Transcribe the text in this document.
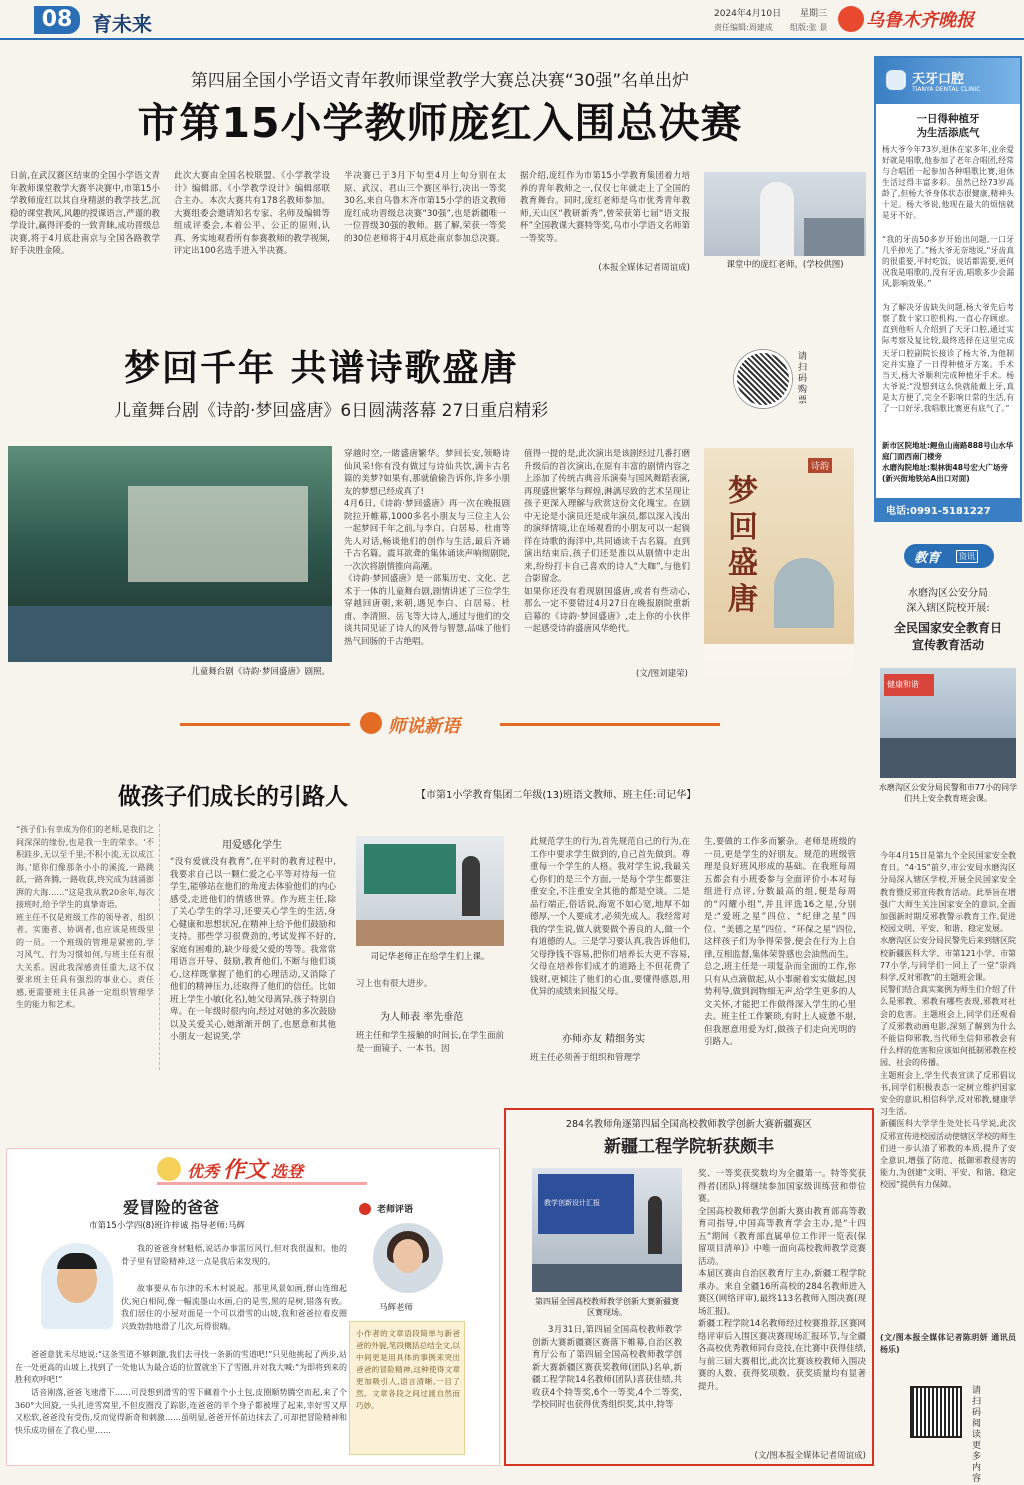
08 育未来	2024年4月10日 星期三
责任编辑:周建成 组版:张 景 乌鲁木齐晚报
第四届全国小学语文青年教师课堂教学大赛总决赛“30强”名单出炉
市第15小学教师庞红入围总决赛
日前,在武汉赛区结束的全国小学语文青年教师课堂教学大赛半决赛中,市第15小学教师庞红以其自身精湛的教学技艺,沉稳的课堂教风,风趣的授课语言,严谨的教学设计,赢得评委的一致青睐,成功晋级总决赛,将于4月底赴南京与全国各路教学好手决胜金陵。
此次大赛由全国名校联盟、《小学教学设计》编辑部、《小学教学设计》编辑部联合主办。本次大赛共有178名教师参加。大赛组委会邀请知名专家、名师及编辑等组成评委会,本着公平、公正的原则,认真、务实地观看所有参赛教师的教学视频,评定出100名选手进入半决赛。
半决赛已于3月下旬至4月上旬分别在太原、武汉、君山三个赛区举行,决出一等奖30名,来自乌鲁木齐市第15小学的语文教师庞红成功晋级总决赛“30强”,也是新疆唯一一位晋级30强的教师。据了解,荣获一等奖的30位老师将于4月底赴南京参加总决赛。
据介绍,庞红作为市第15小学教育集团着力培养的青年教师之一,仅仅七年就走上了全国的教育舞台。同时,庞红老师是乌市优秀青年教师,天山区“教研新秀”,曾荣获第七届“语文报杯”全国教课大赛特等奖,乌市小学语文名师第一等奖等。
(本报全媒体记者周谊成)	课堂中的庞红老师。(学校供图)
天牙口腔
TIANYA DENTAL CLINIC
一日得种植牙
为生活添底气
杨大爷今年73岁,退休在家多年,业余爱好就是唱歌,他参加了老年合唱团,经常与合唱团一起参加各种唱歌比赛,退休生活过得丰富多彩。虽然已经73岁高龄了,但杨大爷身体状态很健康,精神头十足。杨大爷说,他现在最大的烦恼就是牙不好。
“我的牙齿50多岁开始出问题,一口牙几乎掉光了。”杨大爷无奈地说,“牙齿真的很重要,平时吃饭、说话都需要,更何况我是唱歌的,没有牙齿,唱歌多少会漏风,影响效果。”
为了解决牙齿缺失问题,杨大爷先后考察了数十家口腔机构,一直心存顾虑。直到他听人介绍到了天牙口腔,通过实际考察及复比较,最终选择在这里完成
天牙口腔副院长接诊了杨大爷,为他制定并实施了一日得种植牙方案。手术当天,杨大爷顺利完成种植牙手术。杨大爷说:“没想到这么快就能戴上牙,真是太方便了,完全不影响日常的生活,有了一口好牙,我唱歌比赛更有底气了。”
新市区院地址:鲤鱼山南路888号山水华庭门面西南门楼旁
水磨沟院地址:梨林街48号宏大广场旁(新兴街地铁站A出口对面)
电话:0991-5181227
梦回千年 共谱诗歌盛唐
儿童舞台剧《诗韵·梦回盛唐》6日圆满落幕 27日重启精彩
请扫码购票
儿童舞台剧《诗韵·梦回盛唐》剧照。
穿越时空,一睹盛唐繁华。梦回长安,领略诗仙风采!你有没有做过与诗仙共饮,满卡古名篇的美梦?如果有,那就偷偷告诉你,许多小朋友的梦想已经成真了!
4月6日,《诗韵·梦回盛唐》再一次在晚报剧院拉开帷幕,1000多名小朋友与三位主人公一起梦回千年之前,与李白、白居易、杜甫等先人对话,畅谈他们的创作与生活,最后齐诵千古名篇。震耳欲聋的集体诵读声响彻剧院,一次次将剧情推向高潮。
《诗韵·梦回盛唐》是一部集历史、文化、艺术于一体的儿童舞台剧,剧情讲述了三位学生穿越回唐朝,来朝,遇见李白、白居易、杜甫、李清照、岳飞等大诗人,通过与他们的交谈共同见证了诗人的风骨与智慧,品味了他们热气回肠的千古绝唱。
值得一提的是,此次演出是该剧经过几番打磨升级后的首次演出,在原有丰富的剧情内容之上添加了传统古典音乐演奏与国风舞蹈表演,再现盛世繁华与辉煌,淋漓尽致的艺术呈现让孩子更深入理解与欣赏这份文化瑰宝。在剧中无论是小演员还是成年演员,都以深入浅出的演绎情境,让在场观看的小朋友可以一起徜徉在诗歌的海洋中,共同诵读千古名篇。直到演出结束后,孩子们还是准以从剧情中走出来,纷纷打卡自己喜欢的诗人“大咖”,与他们合影留念。
如果你还没有看现剧国盛唐,或者有些动心,那么一定不要错过4月27日在晚报剧院重新启幕的《诗韵·梦回盛唐》,走上你的小伙伴一起感受诗韵盛唐风华绝代。
(文/图刘建荣)
诗韵
梦回盛唐
师说新语
做孩子们成长的引路人	【市第1小学教育集团二年级(13)班语文教师、班主任:司记华】
“孩子们:有幸成为你们的老师,是我们之间深深的缘份,也是我一生的荣幸。‘不积跬步,无以至千里;不积小流,无以成江海。’愿你们像那条小小的溪流,一路跳跃,一路奔腾,一路收获,终究成为汹涌澎湃的大海……”这是我从教20余年,每次接班时,给予学生的真挚寄语。
班主任不仅是班级工作的领导者、组织者、实施者、协调者,也应该是班级里的一员。一个班级的管理是紧密的,学习风气、行为习惯如何,与班主任有很大关系。因此我深感责任重大,这不仅要求班主任具有强烈的事业心、责任感,更需要班主任具备一定组织管理学生的能力和艺术。
用爱感化学生
“没有爱就没有教育”,在平时的教育过程中,我要求自己以一颗仁爱之心平等对待每一位学生,能够站在他们的角度去体验他们的内心感受,走进他们的情感世界。作为班主任,除了关心学生的学习,还要关心学生的生活,身心健康和思想状况,在精神上给予他们鼓励和支持。那些学习很费劲的,考试发挥不好的,家庭有困难的,缺少母爱父爱的等等。我常常用语言开导、鼓励,教育他们,不断与他们谈心,这样既掌握了他们的心理活动,又消除了他们的精神压力,还取得了他们的信任。比如班上学生小敏(化名),她父母离异,孩子特别自卑。在一年级时很内向,经过对她的多次鼓励以及关爱关心,她渐渐开朗了,也愿意和其他小朋友一起说笑,学
司记华老师正在给学生们上课。
习上也有很大进步。
为人师表 率先垂范
班主任和学生接触的时间长,在学生面前是一面镜子、一本书。因
此规范学生的行为,首先规范自己的行为,在工作中要求学生做到的,自己首先做到。尊重每一个学生的人格。我对学生说,我最关心你们的是三个方面,一是每个学生都要注重安全,不注重安全其他的都是空谈。二是品行端正,俗话说,海宽不如心宽,地厚不如德厚,一个人要成才,必须先成人。我经常对我的学生说,做人就要做个善良的人,做一个有道德的人。三是学习要认真,我告诉他们,父母挣钱不容易,把你们培养长大更不容易,父母在培养你们成才的道路上不但花费了钱财,更倾注了他们的心血,要懂得感恩,用优异的成绩来回报父母。
亦师亦友 精细务实
班主任必须善于组织和管理学
生,要做的工作多而繁杂。老师是班级的一员,更是学生的好朋友。规范的班级管理是良好班风形成的基础。在我班每周五都会有小班委参与全面评价小本对每组进行点评,分数最高的组,便是每周的“闪耀小组”,并且评选16之星,分别是:“爱班之星”四位、“纪律之星”四位、“美德之星”四位、“环保之星”四位,这样孩子们为争得荣誉,便会在行为上自律,互相监督,集体荣誉感也会油然而生。
总之,班主任是一项复杂而全面的工作,你只有从点滴做起,从小事耐着实实做起,因势利导,做到润物细无声,给学生更多的人文关怀,才能把工作做得深入学生的心里去。班主任工作繁琐,有时上人疲惫不堪,但我愿意用爱为灯,做孩子们走向光明的引路人。
教育	资讯
水磨沟区公安分局
深入辖区院校开展:
全民国家安全教育日
宣传教育活动
健康和谐
水磨沟区公安分局民警和市77小的同学们共上安全教育班会课。
今年4月15日是第九个全民国家安全教育日。“4·15”前夕,市公安局水磨沟区分局深入辖区学校,开展全民国家安全教育暨反邪宣传教育活动。此举旨在增强广大师生关注国家安全的意识,全面加强新时期反邪教警示教育工作,促进校园文明、平安、和谐、稳定发展。
水磨沟区公安分局民警先后来到辖区院校新疆医科大学、市第121小学、市第77小学,与同学们一同上了一堂“崇尚科学,反对邪教”的主题班会课。
民警们结合真实案例为师生们介绍了什么是邪教、邪教有哪些表现,邪教对社会的危害。主题班会上,同学们还观看了反邪教动画电影,深刻了解到为什么不能信仰邪教,当代师生信仰邪教会有什么样的危害和应该如何抵制邪教在校园、社会的传播。
主题班会上,学生代表宣读了反邪倡议书,同学们积极表态一定树立维护国家安全的意识,相信科学,反对邪教,健康学习生活。
新疆医科大学学生处处长马学说,此次反邪宣传进校园活动使辖区学校的师生们进一步认清了邪教的本质,提升了安全意识,增强了防范、抵御邪教侵害的能力,为创建“文明、平安、和谐、稳定校园”提供有力保障。
(文/图本报全媒体记者陈玥妍 通讯员杨乐)
请扫码阅读更多内容
优秀 作文 选登
爱冒险的爸爸
市第15小学四(8)班许梓诚 指导老师:马辉
我的爸爸身材魁梧,说话办事雷厉风行,但对我很温和。他的骨子里有冒险精神,这一点是我后来发现的。
故事要从布尔津的禾木村说起。那里风景如画,群山连绵起伏,宛白相间,像一幅流墨山水画,白的是雪,黑的是树,错落有致。我们居住的小屋对面是一个可以滑雪的山坡,我和爸爸拉着皮圈兴致勃勃地滑了几次,玩得很嗨。
爸爸意犹未尽地说:“这条雪道不够刺激,我们去寻找一条新的雪道吧!”只见他挑起了两步,站在一处更高的山坡上,找到了一处他认为最合适的位置就坐下了雪圈,并对我大喊:“为即将到来的胜利欢呼吧!”
话音刚落,爸爸飞速滑下……可没想到滑雪的雪下藏着个小土包,皮圈顺势腾空而起,来了个360°大回旋,一头扎进雪窝里,不但皮圈没了踪影,连爸爸的半个身子都被埋了起来,幸好雪又厚又松软,爸爸没有受伤,反而觉得新奇和刺激……虽明显,爸爸开怀前边抹去了,可却把冒险精神和快乐成功留在了我心里……
老师评语
马辉老师
小作者的文章语段简单与新爸爸的外貌,笔段概括总结全文,以中间更是用具体的事例来突出爸爸的冒险精神,这种使得文章更加吸引人,语言清晰,一目了然。文章各段之间过渡自然而巧妙。
284名教师角逐第四届全国高校教师教学创新大赛新疆赛区
新疆工程学院斩获颇丰
教学创新设计汇报
第四届全国高校教师教学创新大赛新疆赛区赛现场。
3月31日,第四届全国高校教师教学创新大赛新疆赛区赛落下帷幕,自治区教育厅公布了第四届全国高校教师教学创新大赛新疆区赛获奖教师(团队)名单,新疆工程学院14名教师(团队)喜获佳绩,共收获4个特等奖,6个一等奖,4个二等奖,学校同时也获得优秀组织奖,其中,特等
奖、一等奖获奖数均为全疆第一。特等奖获得者(团队)将继续参加国家级训练营和带位赛。
全国高校教师教学创新大赛由教育部高等教育司指导,中国高等教育学会主办,是“十四五”期间《教育部直属单位工作评一览表(保留项目清单)》中唯一面向高校教师教学竞赛活动。
本届区赛由自治区教育厅主办,新疆工程学院承办。来自全疆16所高校的284名教师进入赛区(网络评审),最终113名教师入围决赛(现场汇报)。
新疆工程学院14名教师经过校赛推荐,区赛网络评审后入围区赛决赛现场汇报环节,与全疆各高校优秀教师同台竞技,在比赛中获得佳绩,与前三届大赛相比,此次比赛该校教师入围决赛的人数、获得奖项数、获奖质量均有显著提升。
(文/图本报全媒体记者周谊成)
